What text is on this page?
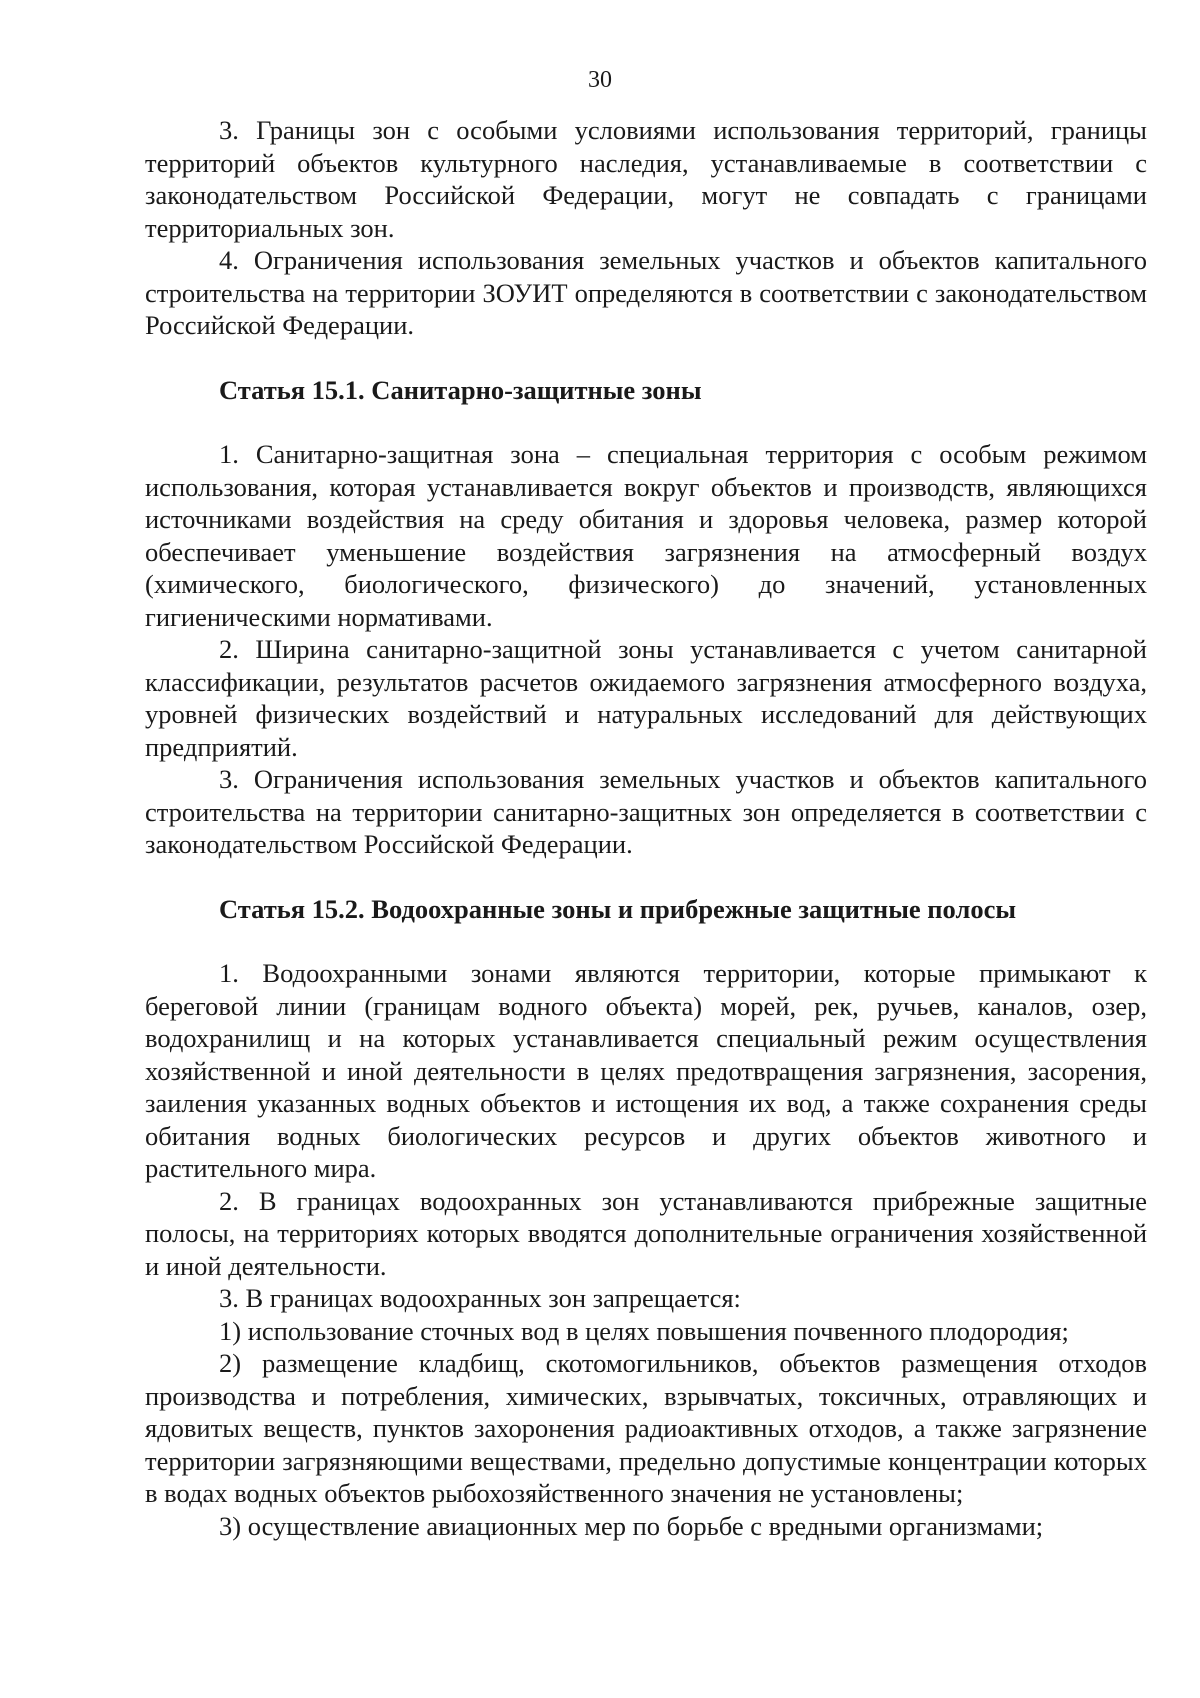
30

3. Границы зон с особыми условиями использования территорий, границы территорий объектов культурного наследия, устанавливаемые в соответствии с законодательством Российской Федерации, могут не совпадать с границами территориальных зон.

4. Ограничения использования земельных участков и объектов капитального строительства на территории ЗОУИТ определяются в соответствии с законодательством Российской Федерации.

Статья 15.1. Санитарно-защитные зоны

1. Санитарно-защитная зона – специальная территория с особым режимом использования, которая устанавливается вокруг объектов и производств, являющихся источниками воздействия на среду обитания и здоровья человека, размер которой обеспечивает уменьшение воздействия загрязнения на атмосферный воздух (химического, биологического, физического) до значений, установленных гигиеническими нормативами.

2. Ширина санитарно-защитной зоны устанавливается с учетом санитарной классификации, результатов расчетов ожидаемого загрязнения атмосферного воздуха, уровней физических воздействий и натуральных исследований для действующих предприятий.

3. Ограничения использования земельных участков и объектов капитального строительства на территории санитарно-защитных зон определяется в соответствии с законодательством Российской Федерации.

Статья 15.2. Водоохранные зоны и прибрежные защитные полосы

1. Водоохранными зонами являются территории, которые примыкают к береговой линии (границам водного объекта) морей, рек, ручьев, каналов, озер, водохранилищ и на которых устанавливается специальный режим осуществления хозяйственной и иной деятельности в целях предотвращения загрязнения, засорения, заиления указанных водных объектов и истощения их вод, а также сохранения среды обитания водных биологических ресурсов и других объектов животного и растительного мира.

2. В границах водоохранных зон устанавливаются прибрежные защитные полосы, на территориях которых вводятся дополнительные ограничения хозяйственной и иной деятельности.

3. В границах водоохранных зон запрещается:

1) использование сточных вод в целях повышения почвенного плодородия;

2) размещение кладбищ, скотомогильников, объектов размещения отходов производства и потребления, химических, взрывчатых, токсичных, отравляющих и ядовитых веществ, пунктов захоронения радиоактивных отходов, а также загрязнение территории загрязняющими веществами, предельно допустимые концентрации которых в водах водных объектов рыбохозяйственного значения не установлены;

3) осуществление авиационных мер по борьбе с вредными организмами;
